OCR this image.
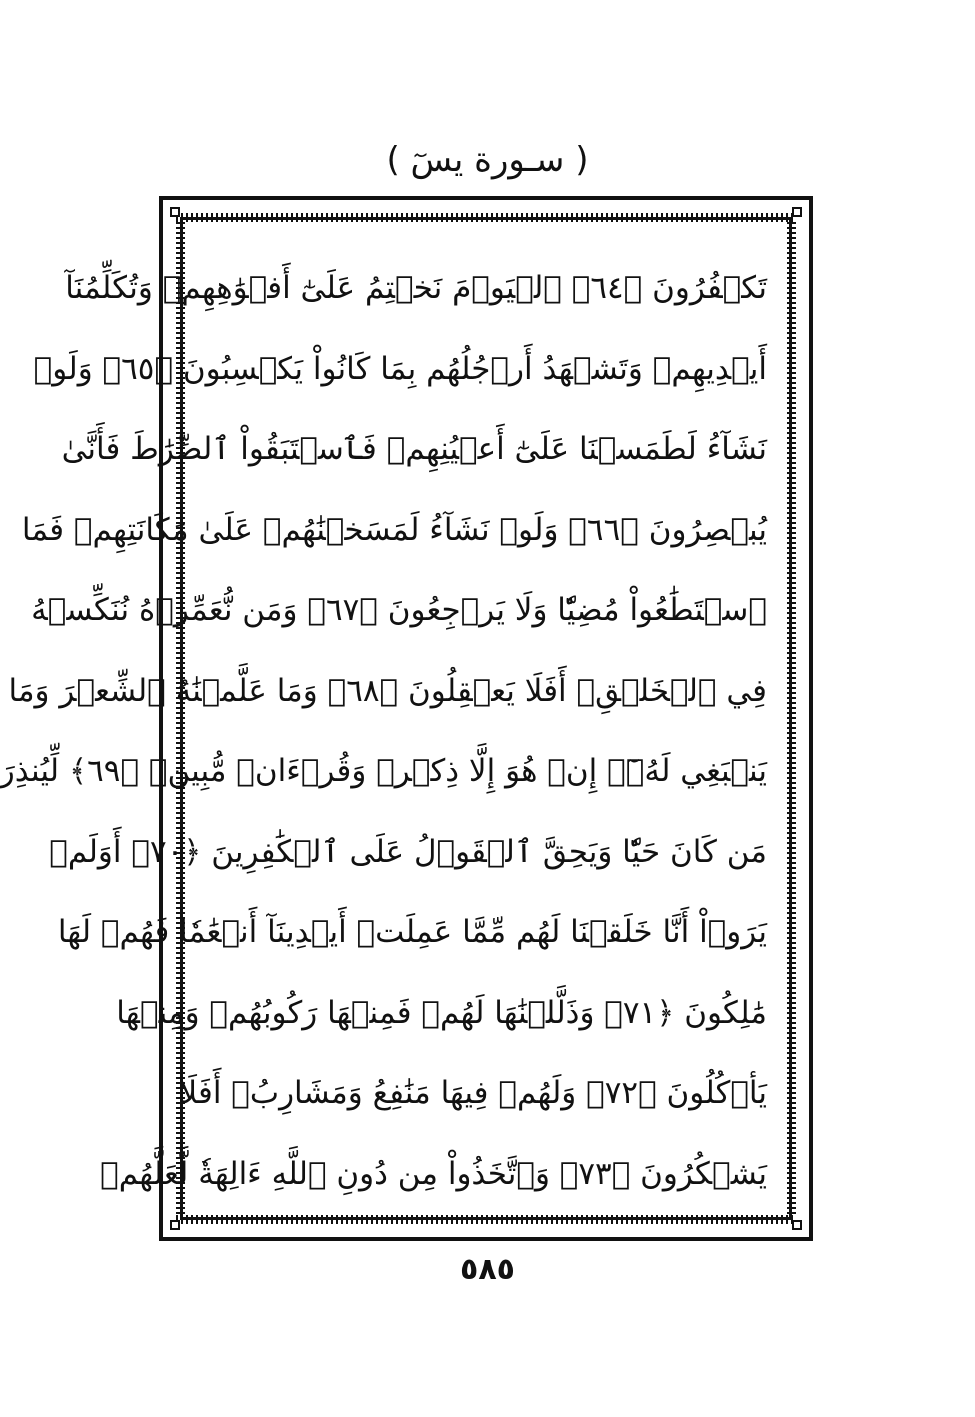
( سـورة يسٓ )
تَكۡفُرُونَ ﴿٦٤﴾ ٱلۡيَوۡمَ نَخۡتِمُ عَلَىٰٓ أَفۡوَٰهِهِمۡ وَتُكَلِّمُنَآ
أَيۡدِيهِمۡ وَتَشۡهَدُ أَرۡجُلُهُم بِمَا كَانُواْ يَكۡسِبُونَ ﴿٦٥﴾ وَلَوۡ
نَشَآءُ لَطَمَسۡنَا عَلَىٰٓ أَعۡيُنِهِمۡ فَٱسۡتَبَقُواْ ٱلصِّرَٰطَ فَأَنَّىٰ
يُبۡصِرُونَ ﴿٦٦﴾ وَلَوۡ نَشَآءُ لَمَسَخۡنَٰهُمۡ عَلَىٰ مَكَانَتِهِمۡ فَمَا
ٱسۡتَطَٰعُواْ مُضِيّٗا وَلَا يَرۡجِعُونَ ﴿٦٧﴾ وَمَن نُّعَمِّرۡهُ نُنَكِّسۡهُ
فِي ٱلۡخَلۡقِۚ أَفَلَا يَعۡقِلُونَ ﴿٦٨﴾ وَمَا عَلَّمۡنَٰهُ ٱلشِّعۡرَ وَمَا
يَنۢبَغِي لَهُۥٓۚ إِنۡ هُوَ إِلَّا ذِكۡرٞ وَقُرۡءَانٞ مُّبِينٞ ﴿٦٩﴾ لِّيُنذِرَ
مَن كَانَ حَيّٗا وَيَحِقَّ ٱلۡقَوۡلُ عَلَى ٱلۡكَٰفِرِينَ ﴿٧٠﴾ أَوَلَمۡ
يَرَوۡاْ أَنَّا خَلَقۡنَا لَهُم مِّمَّا عَمِلَتۡ أَيۡدِينَآ أَنۡعَٰمٗا فَهُمۡ لَهَا
مَٰلِكُونَ ﴿٧١﴾ وَذَلَّلۡنَٰهَا لَهُمۡ فَمِنۡهَا رَكُوبُهُمۡ وَمِنۡهَا
يَأۡكُلُونَ ﴿٧٢﴾ وَلَهُمۡ فِيهَا مَنَٰفِعُ وَمَشَارِبُۚ أَفَلَا
يَشۡكُرُونَ ﴿٧٣﴾ وَٱتَّخَذُواْ مِن دُونِ ٱللَّهِ ءَالِهَةٗ لَّعَلَّهُمۡ
٥٨٥
